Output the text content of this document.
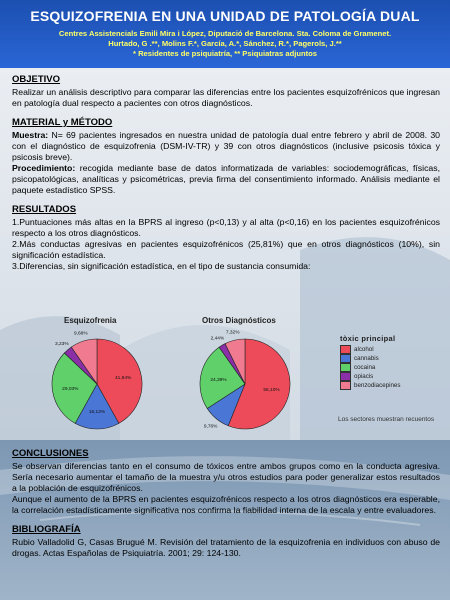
ESQUIZOFRENIA EN UNA UNIDAD DE PATOLOGÍA DUAL
Centres Assistencials Emili Mira i López, Diputació de Barcelona. Sta. Coloma de Gramenet.
Hurtado, G .**, Molins F.*, García, A.*, Sánchez, R.*, Pagerols, J.**
* Residentes de psiquiatría, ** Psiquiatras adjuntos
OBJETIVO
Realizar un análisis descriptivo para comparar las diferencias entre los pacientes esquizofrénicos que ingresan en patología dual respecto a pacientes con otros diagnósticos.
MATERIAL y MÉTODO
Muestra: N= 69 pacientes ingresados en nuestra unidad de patología dual entre febrero y abril de 2008. 30 con el diagnóstico de esquizofrenia (DSM-IV-TR) y 39 con otros diagnósticos (inclusive psicosis tóxica y psicosis breve).
Procedimiento: recogida mediante base de datos informatizada de variables: sociodemográficas, físicas, psicopatológicas, analíticas y psicométricas, previa firma del consentimiento informado. Análisis mediante el paquete estadístico SPSS.
RESULTADOS
1.Puntuaciones más altas en la BPRS al ingreso (p<0,13) y al alta (p<0,16) en los pacientes esquizofrénicos respecto a los otros diagnósticos.
2.Más conductas agresivas en pacientes esquizofrénicos (25,81%) que en otros diagnósticos (10%), sin significación estadística.
3.Diferencias, sin significación estadística, en el tipo de sustancia consumida:
Esquizofrenia	Otros Diagnósticos
41,94%
16,13%
29,03%
3,23%
9,68%
56,10%
9,76%
24,39%
2,44%
7,32%
tòxic principal
alcohol
cannabis
cocaina
opiacis
benzodiacepines
Los sectores muestran recuentos
CONCLUSIONES
Se observan diferencias tanto en el consumo de tóxicos entre ambos grupos como en la conducta agresiva. Sería necesario aumentar el tamaño de la muestra y/u otros estudios para poder generalizar estos resultados a la población de esquizofrénicos.
Aunque el aumento de la BPRS en pacientes esquizofrénicos respecto a los otros diagnósticos era esperable, la correlación estadísticamente significativa nos confirma la fiabilidad interna de la escala y entre evaluadores.
BIBLIOGRAFÍA
Rubio Valladolid G, Casas Brugué M. Revisión del tratamiento de la esquizofrenia en individuos con abuso de drogas. Actas Españolas de Psiquiatría. 2001; 29: 124-130.
